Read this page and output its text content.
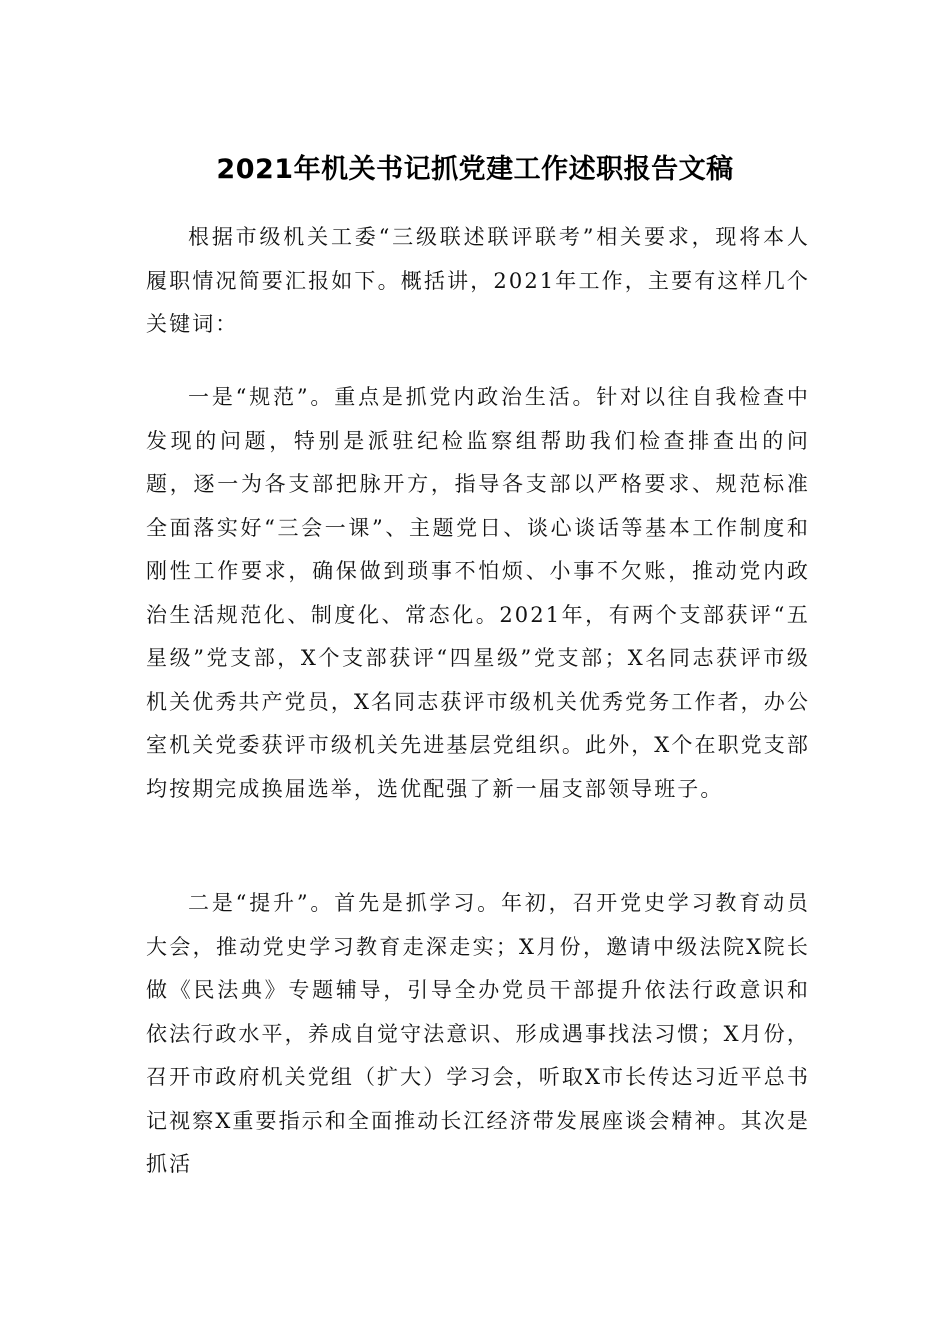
2021年机关书记抓党建工作述职报告文稿

根据市级机关工委“三级联述联评联考”相关要求，现将本人履职情况简要汇报如下。概括讲，2021年工作，主要有这样几个关键词：

一是“规范”。重点是抓党内政治生活。针对以往自我检查中发现的问题，特别是派驻纪检监察组帮助我们检查排查出的问题，逐一为各支部把脉开方，指导各支部以严格要求、规范标准全面落实好“三会一课”、主题党日、谈心谈话等基本工作制度和刚性工作要求，确保做到琐事不怕烦、小事不欠账，推动党内政治生活规范化、制度化、常态化。2021年，有两个支部获评“五星级”党支部，X个支部获评“四星级”党支部；X名同志获评市级机关优秀共产党员，X名同志获评市级机关优秀党务工作者，办公室机关党委获评市级机关先进基层党组织。此外，X个在职党支部均按期完成换届选举，选优配强了新一届支部领导班子。

二是“提升”。首先是抓学习。年初，召开党史学习教育动员大会，推动党史学习教育走深走实；X月份，邀请中级法院X院长做《民法典》专题辅导，引导全办党员干部提升依法行政意识和依法行政水平，养成自觉守法意识、形成遇事找法习惯；X月份，召开市政府机关党组（扩大）学习会，听取X市长传达习近平总书记视察X重要指示和全面推动长江经济带发展座谈会精神。其次是抓活
